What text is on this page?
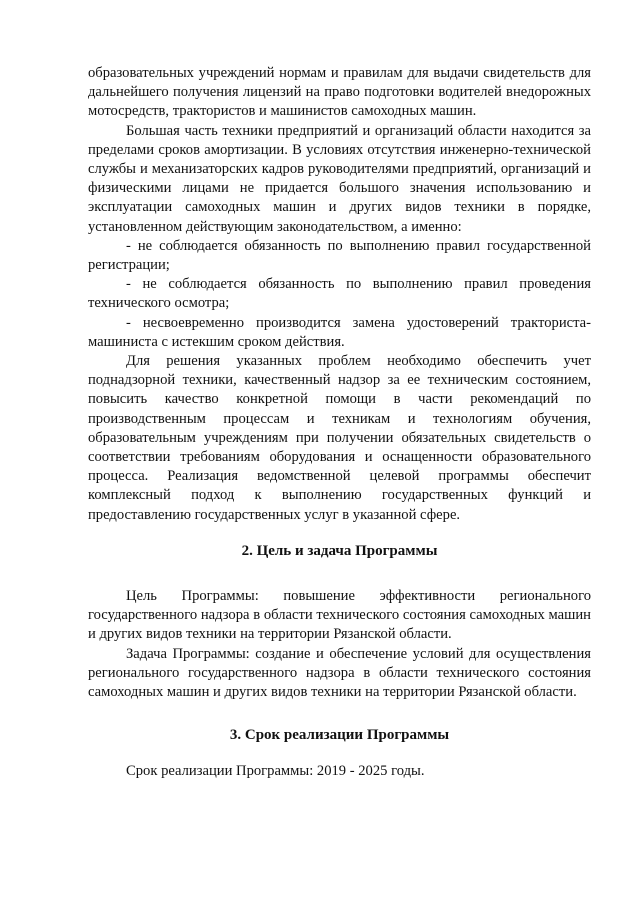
образовательных учреждений нормам и правилам для выдачи свидетельств для дальнейшего получения лицензий на право подготовки водителей внедорожных мотосредств, трактористов и машинистов самоходных машин.

Большая часть техники предприятий и организаций области находится за пределами сроков амортизации. В условиях отсутствия инженерно-технической службы и механизаторских кадров руководителями предприятий, организаций и физическими лицами не придается большого значения использованию и эксплуатации самоходных машин и других видов техники в порядке, установленном действующим законодательством, а именно:

- не соблюдается обязанность по выполнению правил государственной регистрации;

- не соблюдается обязанность по выполнению правил проведения технического осмотра;

- несвоевременно производится замена удостоверений тракториста-машиниста с истекшим сроком действия.

Для решения указанных проблем необходимо обеспечить учет поднадзорной техники, качественный надзор за ее техническим состоянием, повысить качество конкретной помощи в части рекомендаций по производственным процессам и техникам и технологиям обучения, образовательным учреждениям при получении обязательных свидетельств о соответствии требованиям оборудования и оснащенности образовательного процесса. Реализация ведомственной целевой программы обеспечит комплексный подход к выполнению государственных функций и предоставлению государственных услуг в указанной сфере.

2. Цель и задача Программы

Цель Программы: повышение эффективности регионального государственного надзора в области технического состояния самоходных машин и других видов техники на территории Рязанской области.

Задача Программы: создание и обеспечение условий для осуществления регионального государственного надзора в области технического состояния самоходных машин и других видов техники на территории Рязанской области.

3. Срок реализации Программы

Срок реализации Программы: 2019 - 2025 годы.
